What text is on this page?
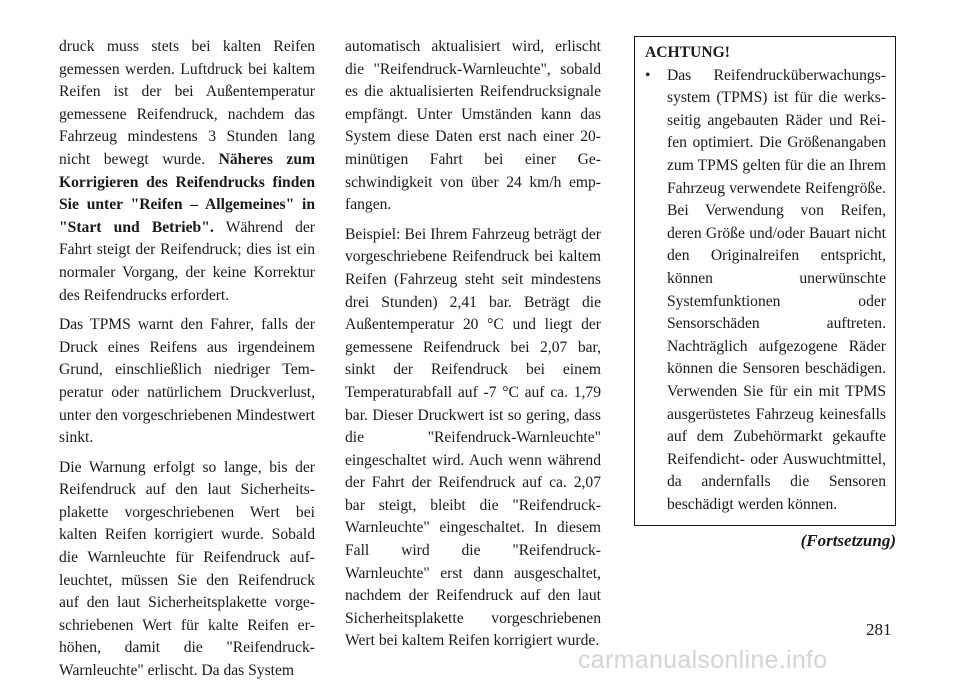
druck muss stets bei kalten Reifen gemessen werden. Luftdruck bei kaltem Reifen ist der bei Außentemperatur gemessene Reifendruck, nachdem das Fahrzeug mindestens 3 Stunden lang nicht bewegt wurde. Näheres zum Korrigieren des Reifendrucks finden Sie unter "Reifen – Allgemeines" in "Start und Betrieb". Während der Fahrt steigt der Reifendruck; dies ist ein normaler Vorgang, der keine Korrektur des Reifendrucks erfordert.

Das TPMS warnt den Fahrer, falls der Druck eines Reifens aus irgendeinem Grund, einschließlich niedriger Temperatur oder natürlichem Druckverlust, unter den vorgeschriebenen Mindestwert sinkt.

Die Warnung erfolgt so lange, bis der Reifendruck auf den laut Sicherheitsplakette vorgeschriebenen Wert bei kalten Reifen korrigiert wurde. Sobald die Warnleuchte für Reifendruck aufleuchtet, müssen Sie den Reifendruck auf den laut Sicherheitsplakette vorgeschriebenen Wert für kalte Reifen erhöhen, damit die "Reifendruck-Warnleuchte" erlischt. Da das System

automatisch aktualisiert wird, erlischt die "Reifendruck-Warnleuchte", sobald es die aktualisierten Reifendrucksignale empfängt. Unter Umständen kann das System diese Daten erst nach einer 20-minütigen Fahrt bei einer Geschwindigkeit von über 24 km/h empfangen.

Beispiel: Bei Ihrem Fahrzeug beträgt der vorgeschriebene Reifendruck bei kaltem Reifen (Fahrzeug steht seit mindestens drei Stunden) 2,41 bar. Beträgt die Außentemperatur 20 °C und liegt der gemessene Reifendruck bei 2,07 bar, sinkt der Reifendruck bei einem Temperaturabfall auf -7 °C auf ca. 1,79 bar. Dieser Druckwert ist so gering, dass die "Reifendruck-Warnleuchte" eingeschaltet wird. Auch wenn während der Fahrt der Reifendruck auf ca. 2,07 bar steigt, bleibt die "Reifendruck-Warnleuchte" eingeschaltet. In diesem Fall wird die "Reifendruck-Warnleuchte" erst dann ausgeschaltet, nachdem der Reifendruck auf den laut Sicherheitsplakette vorgeschriebenen Wert bei kaltem Reifen korrigiert wurde.

ACHTUNG!
• Das Reifendrucküberwachungssystem (TPMS) ist für die werksseitig angebauten Räder und Reifen optimiert. Die Größenangaben zum TPMS gelten für die an Ihrem Fahrzeug verwendete Reifengröße. Bei Verwendung von Reifen, deren Größe und/oder Bauart nicht den Originalreifen entspricht, können unerwünschte Systemfunktionen oder Sensorschäden auftreten. Nachträglich aufgezogene Räder können die Sensoren beschädigen. Verwenden Sie für ein mit TPMS ausgerüstetes Fahrzeug keinesfalls auf dem Zubehörmarkt gekaufte Reifendicht- oder Auswuchtmittel, da andernfalls die Sensoren beschädigt werden können.
(Fortsetzung)
281
carmanualsonline.info
